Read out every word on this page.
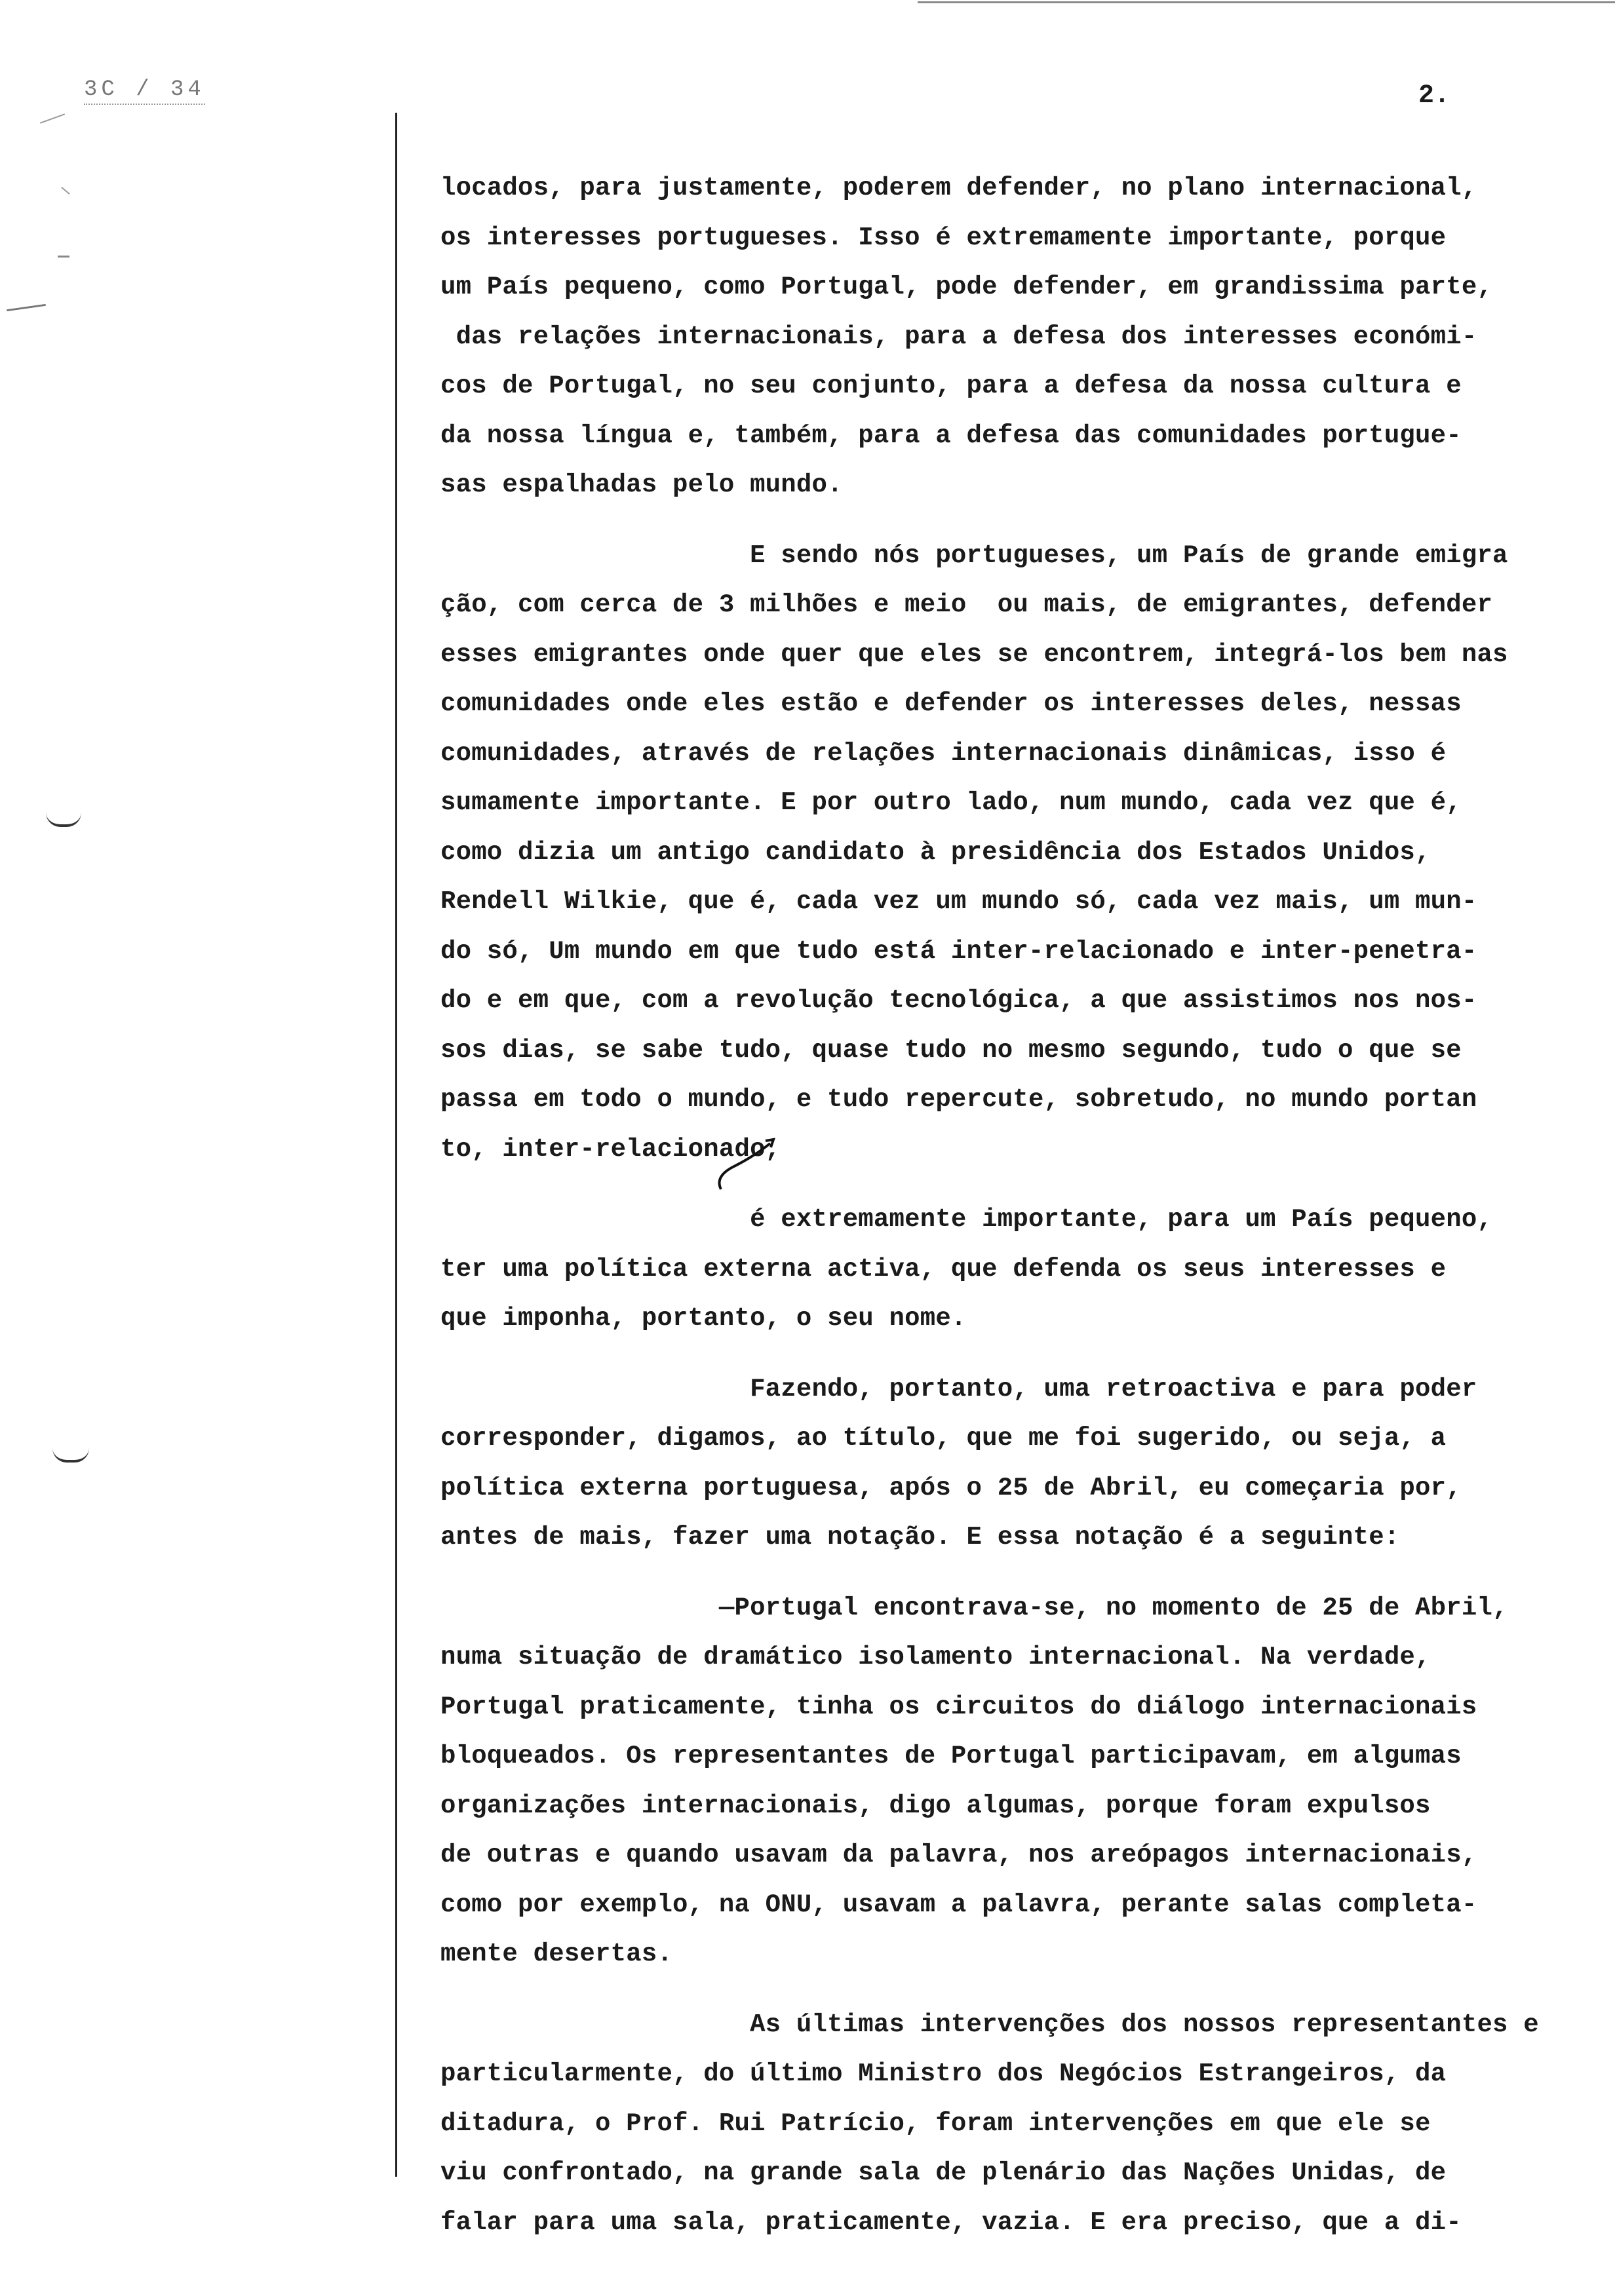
3C / 34	2.
locados, para justamente, poderem defender, no plano internacional,
os interesses portugueses. Isso é extremamente importante, porque
um País pequeno, como Portugal, pode defender, em grandissima parte,
das relações internacionais, para a defesa dos interesses económi-
cos de Portugal, no seu conjunto, para a defesa da nossa cultura e
da nossa língua e, também, para a defesa das comunidades portugue-
sas espalhadas pelo mundo.
E sendo nós portugueses, um País de grande emigra
ção, com cerca de 3 milhões e meio  ou mais, de emigrantes, defender
esses emigrantes onde quer que eles se encontrem, integrá-los bem nas
comunidades onde eles estão e defender os interesses deles, nessas
comunidades, através de relações internacionais dinâmicas, isso é
sumamente importante. E por outro lado, num mundo, cada vez que é,
como dizia um antigo candidato à presidência dos Estados Unidos,
Rendell Wilkie, que é, cada vez um mundo só, cada vez mais, um mun-
do só, Um mundo em que tudo está inter-relacionado e inter-penetra-
do e em que, com a revolução tecnológica, a que assistimos nos nos-
sos dias, se sabe tudo, quase tudo no mesmo segundo, tudo o que se
passa em todo o mundo, e tudo repercute, sobretudo, no mundo portan
to, inter-relacionado,
é extremamente importante, para um País pequeno,
ter uma política externa activa, que defenda os seus interesses e
que imponha, portanto, o seu nome.
Fazendo, portanto, uma retroactiva e para poder
corresponder, digamos, ao título, que me foi sugerido, ou seja, a
política externa portuguesa, após o 25 de Abril, eu começaria por,
antes de mais, fazer uma notação. E essa notação é a seguinte:
—Portugal encontrava-se, no momento de 25 de Abril,
numa situação de dramático isolamento internacional. Na verdade,
Portugal praticamente, tinha os circuitos do diálogo internacionais
bloqueados. Os representantes de Portugal participavam, em algumas
organizações internacionais, digo algumas, porque foram expulsos
de outras e quando usavam da palavra, nos areópagos internacionais,
como por exemplo, na ONU, usavam a palavra, perante salas completa-
mente desertas.
As últimas intervenções dos nossos representantes e
particularmente, do último Ministro dos Negócios Estrangeiros, da
ditadura, o Prof. Rui Patrício, foram intervenções em que ele se
viu confrontado, na grande sala de plenário das Nações Unidas, de
falar para uma sala, praticamente, vazia. E era preciso, que a di-
